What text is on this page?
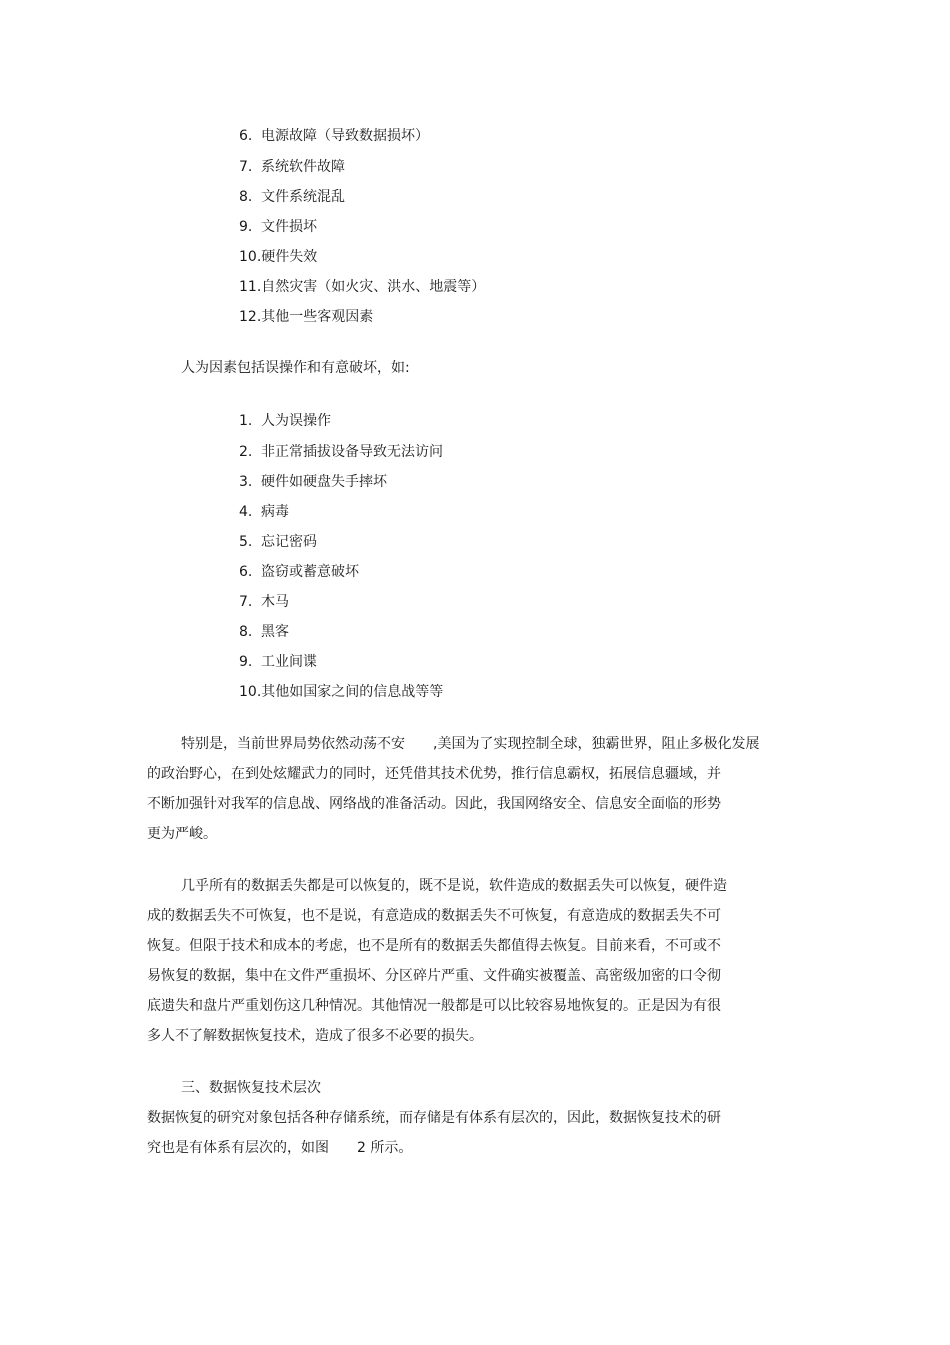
6. 电源故障（导致数据损坏）
7. 系统软件故障
8. 文件系统混乱
9. 文件损坏
10.硬件失效
11.自然灾害（如火灾、洪水、地震等）
12.其他一些客观因素
人为因素包括误操作和有意破坏，如:
1. 人为误操作
2. 非正常插拔设备导致无法访问
3. 硬件如硬盘失手摔坏
4. 病毒
5. 忘记密码
6. 盗窃或蓄意破坏
7. 木马
8. 黑客
9. 工业间谍
10.其他如国家之间的信息战等等
特别是，当前世界局势依然动荡不安　　,美国为了实现控制全球，独霸世界，阻止多极化发展
的政治野心，在到处炫耀武力的同时，还凭借其技术优势，推行信息霸权，拓展信息疆域，并
不断加强针对我军的信息战、网络战的准备活动。因此，我国网络安全、信息安全面临的形势
更为严峻。
几乎所有的数据丢失都是可以恢复的，既不是说，软件造成的数据丢失可以恢复，硬件造
成的数据丢失不可恢复，也不是说，有意造成的数据丢失不可恢复，有意造成的数据丢失不可
恢复。但限于技术和成本的考虑，也不是所有的数据丢失都值得去恢复。目前来看，不可或不
易恢复的数据，集中在文件严重损坏、分区碎片严重、文件确实被覆盖、高密级加密的口令彻
底遗失和盘片严重划伤这几种情况。其他情况一般都是可以比较容易地恢复的。正是因为有很
多人不了解数据恢复技术，造成了很多不必要的损失。
三、数据恢复技术层次
数据恢复的研究对象包括各种存储系统，而存储是有体系有层次的，因此，数据恢复技术的研
究也是有体系有层次的，如图　　2 所示。
